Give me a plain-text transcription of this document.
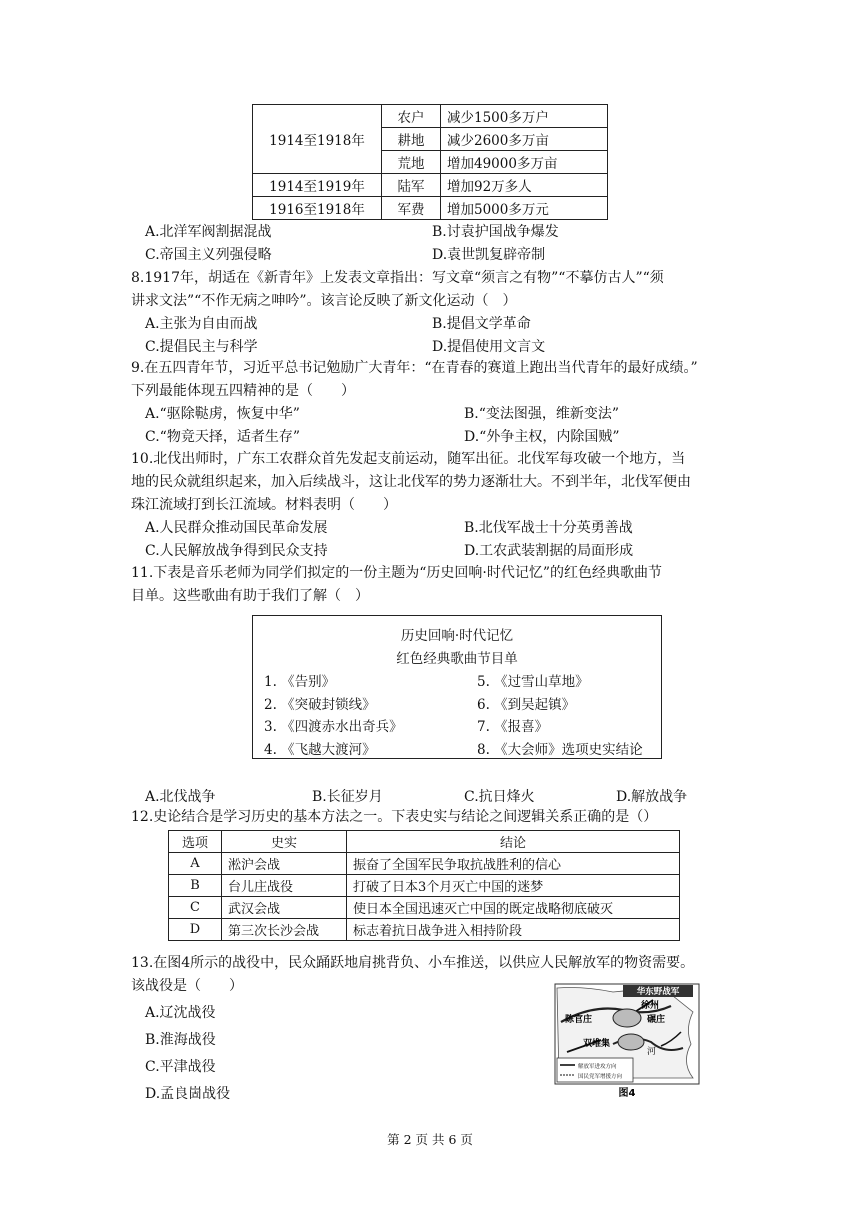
1914至1918年	农户	减少1500多万户
	耕地	减少2600多万亩
	荒地	增加49000多万亩
1914至1919年	陆军	增加92万多人
1916至1918年	军费	增加5000多万元
A.北洋军阀割据混战	B.讨袁护国战争爆发
C.帝国主义列强侵略	D.袁世凯复辟帝制
8.1917年，胡适在《新青年》上发表文章指出：写文章“须言之有物”“不摹仿古人”“须
讲求文法”“不作无病之呻吟”。该言论反映了新文化运动（　）
A.主张为自由而战	B.提倡文学革命
C.提倡民主与科学	D.提倡使用文言文
9.在五四青年节，习近平总书记勉励广大青年：“在青春的赛道上跑出当代青年的最好成绩。”
下列最能体现五四精神的是（　　）
A.“驱除鞑虏，恢复中华”	B.“变法图强，维新变法”
C.“物竞天择，适者生存”	D.“外争主权，内除国贼”
10.北伐出师时，广东工农群众首先发起支前运动，随军出征。北伐军每攻破一个地方，当
地的民众就组织起来，加入后续战斗，这让北伐军的势力逐渐壮大。不到半年，北伐军便由
珠江流域打到长江流域。材料表明（　　）
A.人民群众推动国民革命发展	B.北伐军战士十分英勇善战
C.人民解放战争得到民众支持	D.工农武装割据的局面形成
11.下表是音乐老师为同学们拟定的一份主题为“历史回响·时代记忆”的红色经典歌曲节
目单。这些歌曲有助于我们了解（　）
历史回响·时代记忆
红色经典歌曲节目单
1. 《告别》
2. 《突破封锁线》
3. 《四渡赤水出奇兵》
4. 《飞越大渡河》
5. 《过雪山草地》
6. 《到吴起镇》
7. 《报喜》
8. 《大会师》选项史实结论
A.北伐战争	B.长征岁月	C.抗日烽火	D.解放战争
12.史论结合是学习历史的基本方法之一。下表史实与结论之间逻辑关系正确的是（）
选项	史实	结论
A	淞沪会战	振奋了全国军民争取抗战胜利的信心
B	台儿庄战役	打破了日本3个月灭亡中国的迷梦
C	武汉会战	使日本全国迅速灭亡中国的既定战略彻底破灭
D	第三次长沙会战	标志着抗日战争进入相持阶段
13.在图4所示的战役中，民众踊跃地肩挑背负、小车推送，以供应人民解放军的物资需要。
该战役是（　　）
A.辽沈战役
B.淮海战役
C.平津战役
D.孟良崮战役
华东野战军
徐州
陈官庄	碾庄
双堆集
河
解放军进攻方向
国民党军增援方向
图4
第 2 页 共 6 页
